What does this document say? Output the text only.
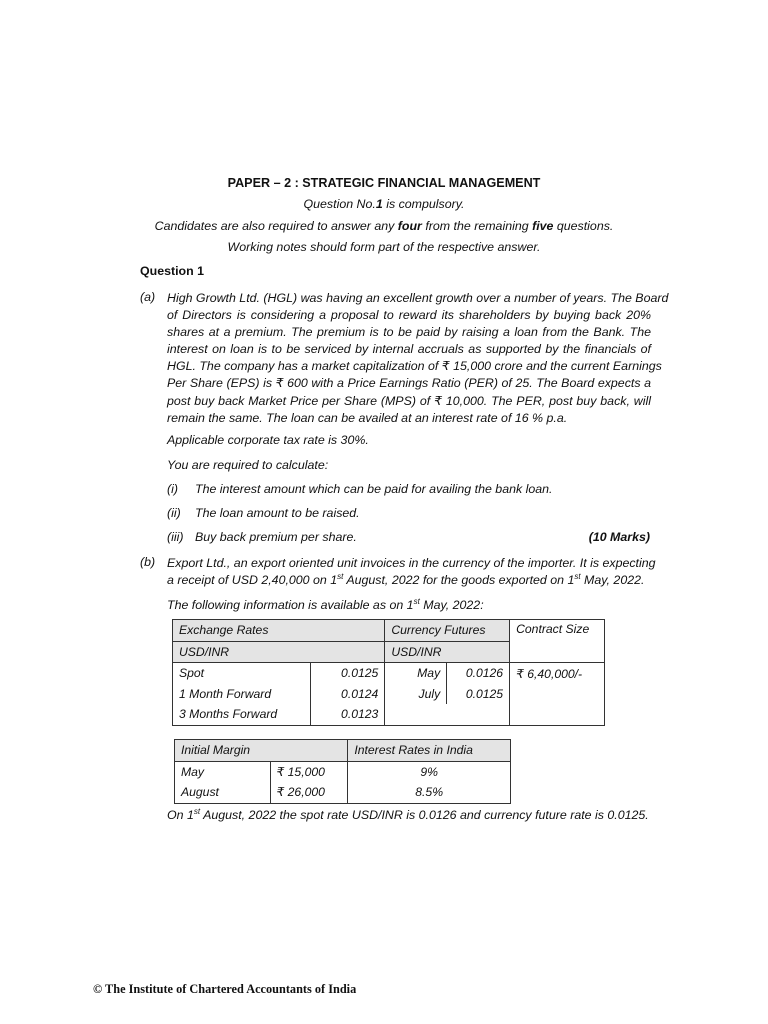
PAPER – 2 : STRATEGIC FINANCIAL MANAGEMENT
Question No.1 is compulsory.
Candidates are also required to answer any four from the remaining five questions.
Working notes should form part of the respective answer.
Question 1
(a) High Growth Ltd. (HGL) was having an excellent growth over a number of years. The Board
of Directors is considering a proposal to reward its shareholders by buying back 20%
shares at a premium. The premium is to be paid by raising a loan from the Bank. The
interest on loan is to be serviced by internal accruals as supported by the financials of
HGL. The company has a market capitalization of ₹ 15,000 crore and the current Earnings
Per Share (EPS) is ₹ 600 with a Price Earnings Ratio (PER) of 25. The Board expects a
post buy back Market Price per Share (MPS) of ₹ 10,000. The PER, post buy back, will
remain the same. The loan can be availed at an interest rate of 16 % p.a.
Applicable corporate tax rate is 30%.
You are required to calculate:
(i) The interest amount which can be paid for availing the bank loan.
(ii) The loan amount to be raised.
(iii) Buy back premium per share.	(10 Marks)
(b) Export Ltd., an export oriented unit invoices in the currency of the importer. It is expecting
a receipt of USD 2,40,000 on 1st August, 2022 for the goods exported on 1st May, 2022.
The following information is available as on 1st May, 2022:
Exchange Rates		Currency Futures		Contract Size
USD/INR		USD/INR		
Spot	0.0125	May	0.0126	₹ 6,40,000/-
1 Month Forward	0.0124	July	0.0125	
3 Months Forward	0.0123			
Initial Margin		Interest Rates in India
May	₹ 15,000	9%
August	₹ 26,000	8.5%
On 1st August, 2022 the spot rate USD/INR is 0.0126 and currency future rate is 0.0125.
© The Institute of Chartered Accountants of India
